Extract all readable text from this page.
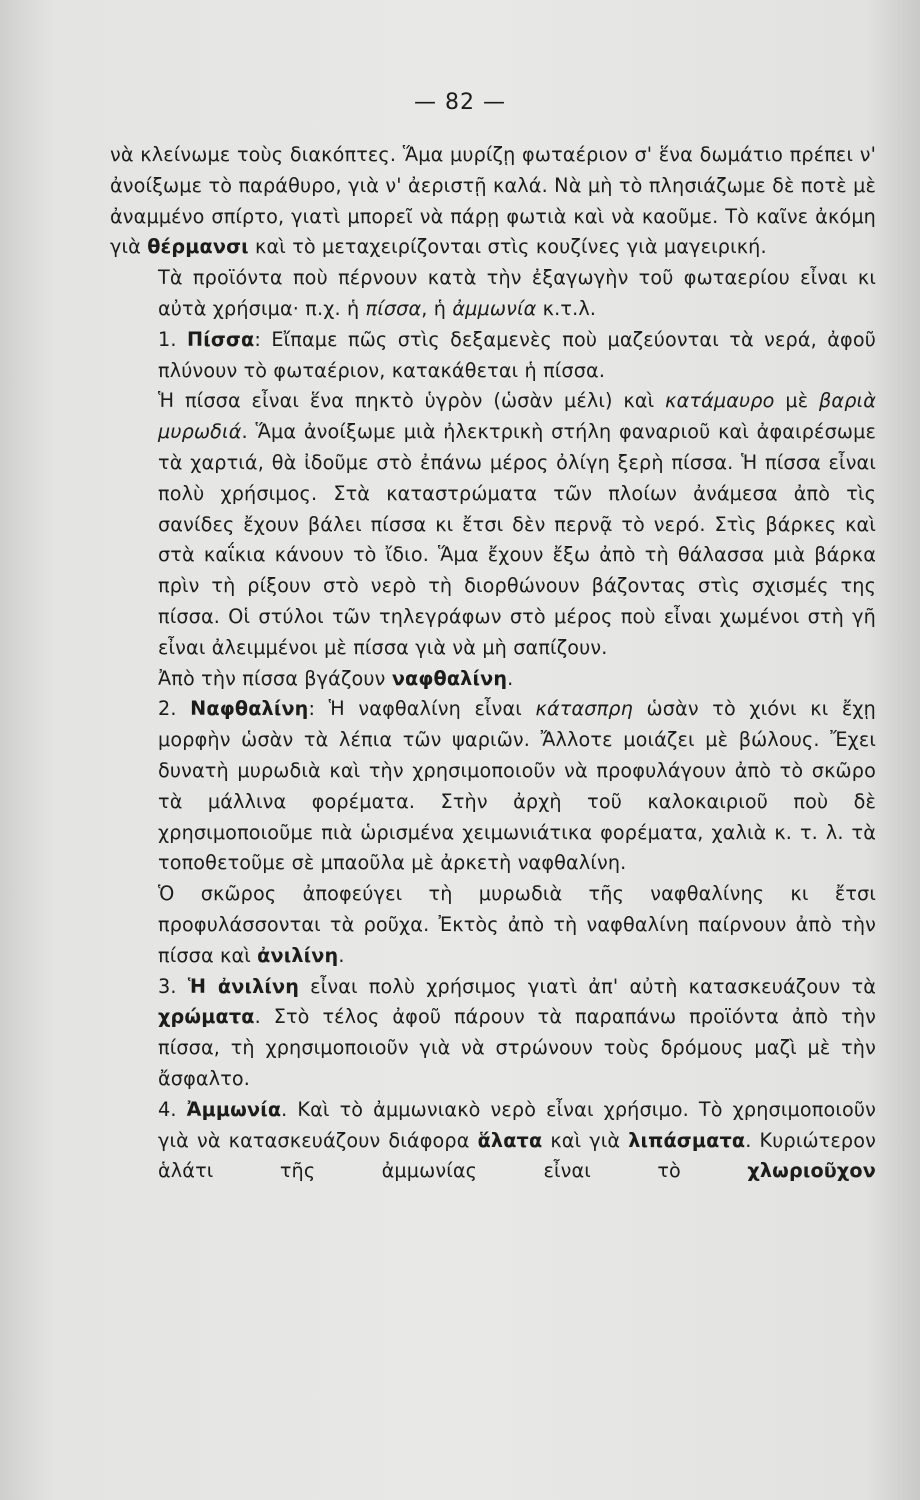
— 82 —

νὰ κλείνωμε τοὺς διακόπτες. Ἅμα μυρίζῃ φωταέριον σ' ἕνα δωμάτιο πρέπει ν' ἀνοίξωμε τὸ παράθυρο, γιὰ ν' ἀεριστῇ καλά. Νὰ μὴ τὸ πλησιάζωμε δὲ ποτὲ μὲ ἀναμμένο σπίρτο, γιατὶ μπορεῖ νὰ πάρῃ φωτιὰ καὶ νὰ καοῦμε. Τὸ καῖνε ἀκόμη γιὰ θέρμανσι καὶ τὸ μεταχειρίζονται στὶς κουζίνες γιὰ μαγειρική.

Τὰ προϊόντα ποὺ πέρνουν κατὰ τὴν ἐξαγωγὴν τοῦ φωταερίου εἶναι κι αὐτὰ χρήσιμα· π.χ. ἡ πίσσα, ἡ ἀμμωνία κ.τ.λ.

1. Πίσσα: Εἴπαμε πῶς στὶς δεξαμενὲς ποὺ μαζεύονται τὰ νερά, ἀφοῦ πλύνουν τὸ φωταέριον, κατακάθεται ἡ πίσσα.

Ἡ πίσσα εἶναι ἕνα πηκτὸ ὑγρὸν (ὡσὰν μέλι) καὶ κατάμαυρο μὲ βαριὰ μυρωδιά. Ἅμα ἀνοίξωμε μιὰ ἠλεκτρικὴ στήλη φαναριοῦ καὶ ἀφαιρέσωμε τὰ χαρτιά, θὰ ἰδοῦμε στὸ ἐπάνω μέρος ὀλίγη ξερὴ πίσσα. Ἡ πίσσα εἶναι πολὺ χρήσιμος. Στὰ καταστρώματα τῶν πλοίων ἀνάμεσα ἀπὸ τὶς σανίδες ἔχουν βάλει πίσσα κι ἔτσι δὲν περνᾷ τὸ νερό. Στὶς βάρκες καὶ στὰ καΐκια κάνουν τὸ ἴδιο. Ἅμα ἔχουν ἔξω ἀπὸ τὴ θάλασσα μιὰ βάρκα πρὶν τὴ ρίξουν στὸ νερὸ τὴ διορθώνουν βάζοντας στὶς σχισμές της πίσσα. Οἱ στύλοι τῶν τηλεγράφων στὸ μέρος ποὺ εἶναι χωμένοι στὴ γῆ εἶναι ἀλειμμένοι μὲ πίσσα γιὰ νὰ μὴ σαπίζουν.

Ἀπὸ τὴν πίσσα βγάζουν ναφθαλίνη.

2. Ναφθαλίνη: Ἡ ναφθαλίνη εἶναι κάτασπρη ὡσὰν τὸ χιόνι κι ἔχῃ μορφὴν ὡσὰν τὰ λέπια τῶν ψαριῶν. Ἄλλοτε μοιάζει μὲ βώλους. Ἔχει δυνατὴ μυρωδιὰ καὶ τὴν χρησιμοποιοῦν νὰ προφυλάγουν ἀπὸ τὸ σκῶρο τὰ μάλλινα φορέματα. Στὴν ἀρχὴ τοῦ καλοκαιριοῦ ποὺ δὲ χρησιμοποιοῦμε πιὰ ὡρισμένα χειμωνιάτικα φορέματα, χαλιὰ κ. τ. λ. τὰ τοποθετοῦμε σὲ μπαοῦλα μὲ ἀρκετὴ ναφθαλίνη.

Ὁ σκῶρος ἀποφεύγει τὴ μυρωδιὰ τῆς ναφθαλίνης κι ἔτσι προφυλάσσονται τὰ ροῦχα. Ἐκτὸς ἀπὸ τὴ ναφθαλίνη παίρνουν ἀπὸ τὴν πίσσα καὶ ἀνιλίνη.

3. Ἡ ἀνιλίνη εἶναι πολὺ χρήσιμος γιατὶ ἀπ' αὐτὴ κατασκευάζουν τὰ χρώματα. Στὸ τέλος ἀφοῦ πάρουν τὰ παραπάνω προϊόντα ἀπὸ τὴν πίσσα, τὴ χρησιμοποιοῦν γιὰ νὰ στρώνουν τοὺς δρόμους μαζὶ μὲ τὴν ἄσφαλτο.

4. Ἀμμωνία. Καὶ τὸ ἀμμωνιακὸ νερὸ εἶναι χρήσιμο. Τὸ χρησιμοποιοῦν γιὰ νὰ κατασκευάζουν διάφορα ἅλατα καὶ γιὰ λιπάσματα. Κυριώτερον ἁλάτι τῆς ἀμμωνίας εἶναι τὸ χλωριοῦχον
